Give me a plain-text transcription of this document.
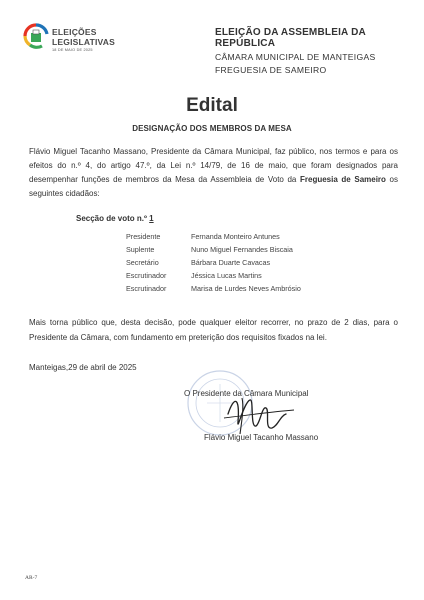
ELEIÇÕES
LEGISLATIVAS
18 DE MAIO DE 2025
ELEIÇÃO DA ASSEMBLEIA DA REPÚBLICA
CÂMARA MUNICIPAL DE MANTEIGAS
FREGUESIA DE SAMEIRO
Edital
DESIGNAÇÃO DOS MEMBROS DA MESA
Flávio Miguel Tacanho Massano, Presidente da Câmara Municipal, faz público, nos termos e para os efeitos do n.º 4, do artigo 47.º, da Lei n.º 14/79, de 16 de maio, que foram designados para desempenhar funções de membros da Mesa da Assembleia de Voto da Freguesia de Sameiro os seguintes cidadãos:
Secção de voto n.º 1
Presidente	Fernanda Monteiro Antunes
Suplente	Nuno Miguel Fernandes Biscaia
Secretário	Bárbara Duarte Cavacas
Escrutinador	Jéssica Lucas Martins
Escrutinador	Marisa de Lurdes Neves Ambrósio
Mais torna público que, desta decisão, pode qualquer eleitor recorrer, no prazo de 2 dias, para o Presidente da Câmara, com fundamento em preterição dos requisitos fixados na lei.
Manteigas,29 de abril de 2025
O Presidente da Câmara Municipal
Flávio Miguel Tacanho Massano
AR-7
